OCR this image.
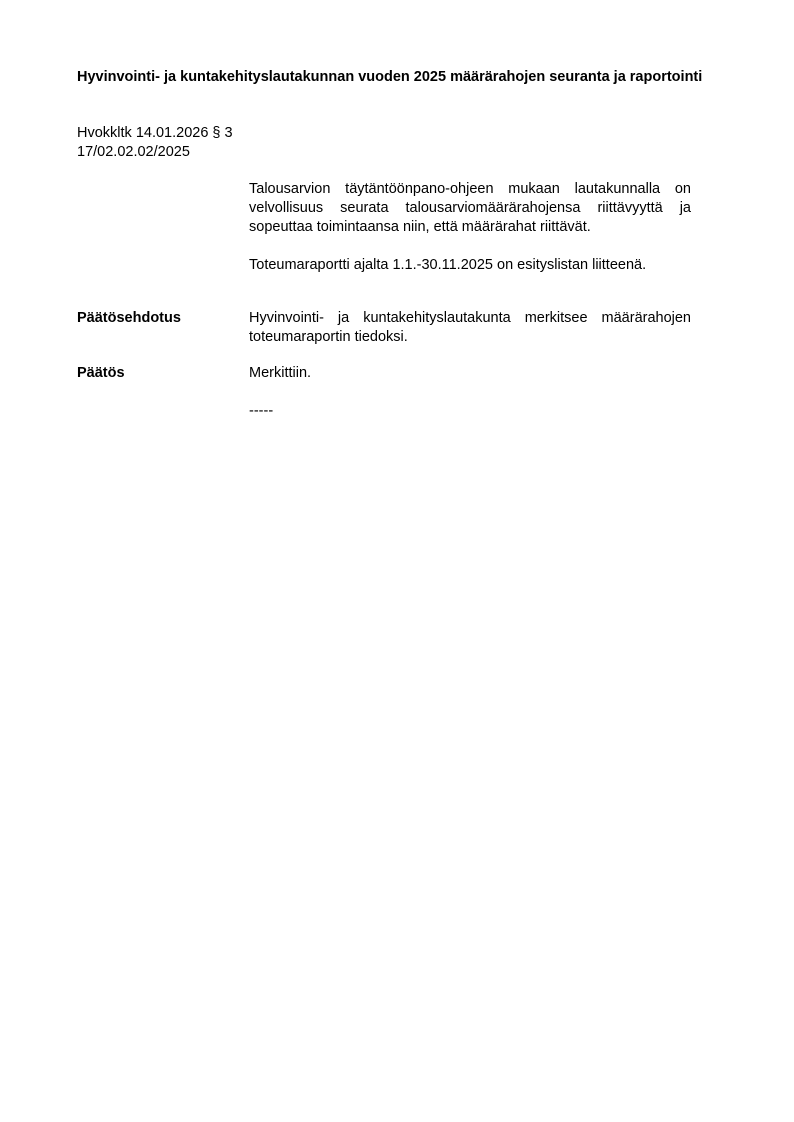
Hyvinvointi- ja kuntakehityslautakunnan vuoden 2025 määrärahojen seuranta ja raportointi
Hvokkltk 14.01.2026 § 3
17/02.02.02/2025

Talousarvion täytäntöönpano-ohjeen mukaan lautakunnalla on velvollisuus seurata talousarviomäärärahojensa riittävyyttä ja sopeuttaa toimintaansa niin, että määrärahat riittävät.

Toteumaraportti ajalta 1.1.-30.11.2025 on esityslistan liitteenä.

Päätösehdotus	Hyvinvointi- ja kuntakehityslautakunta merkitsee määrärahojen toteumaraportin tiedoksi.

Päätös	Merkittiin.

-----
